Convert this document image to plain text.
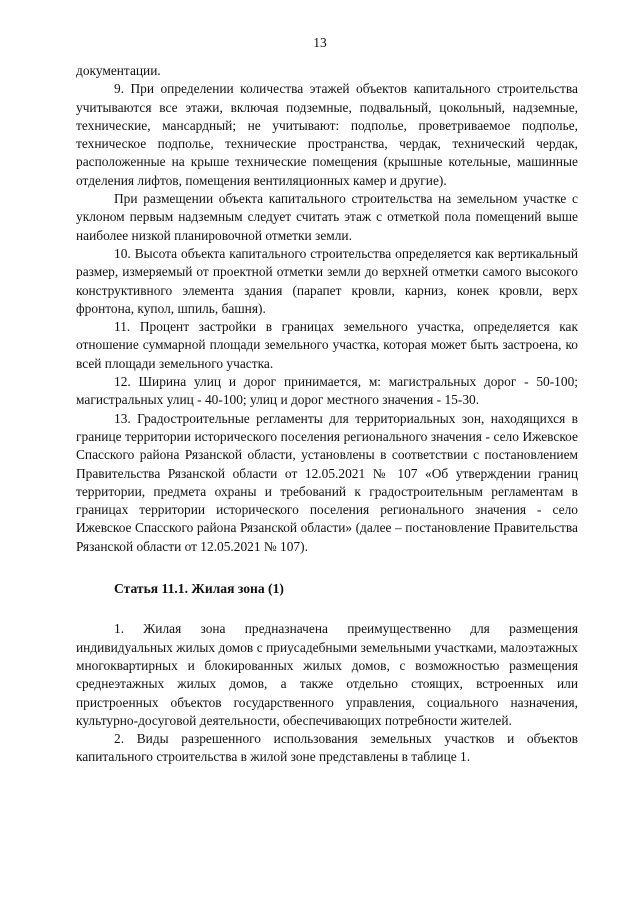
13

документации.

9. При определении количества этажей объектов капитального строительства учитываются все этажи, включая подземные, подвальный, цокольный, надземные, технические, мансардный; не учитывают: подполье, проветриваемое подполье, техническое подполье, технические пространства, чердак, технический чердак, расположенные на крыше технические помещения (крышные котельные, машинные отделения лифтов, помещения вентиляционных камер и другие).

При размещении объекта капитального строительства на земельном участке с уклоном первым надземным следует считать этаж с отметкой пола помещений выше наиболее низкой планировочной отметки земли.

10. Высота объекта капитального строительства определяется как вертикальный размер, измеряемый от проектной отметки земли до верхней отметки самого высокого конструктивного элемента здания (парапет кровли, карниз, конек кровли, верх фронтона, купол, шпиль, башня).

11. Процент застройки в границах земельного участка, определяется как отношение суммарной площади земельного участка, которая может быть застроена, ко всей площади земельного участка.

12. Ширина улиц и дорог принимается, м: магистральных дорог - 50-100; магистральных улиц - 40-100; улиц и дорог местного значения - 15-30.

13. Градостроительные регламенты для территориальных зон, находящихся в границе территории исторического поселения регионального значения - село Ижевское Спасского района Рязанской области, установлены в соответствии с постановлением Правительства Рязанской области от 12.05.2021 № 107 «Об утверждении границ территории, предмета охраны и требований к градостроительным регламентам в границах территории исторического поселения регионального значения - село Ижевское Спасского района Рязанской области» (далее – постановление Правительства Рязанской области от 12.05.2021 № 107).

Статья 11.1. Жилая зона (1)

1. Жилая зона предназначена преимущественно для размещения индивидуальных жилых домов с приусадебными земельными участками, малоэтажных многоквартирных и блокированных жилых домов, с возможностью размещения среднеэтажных жилых домов, а также отдельно стоящих, встроенных или пристроенных объектов государственного управления, социального назначения, культурно-досуговой деятельности, обеспечивающих потребности жителей.

2. Виды разрешенного использования земельных участков и объектов капитального строительства в жилой зоне представлены в таблице 1.
